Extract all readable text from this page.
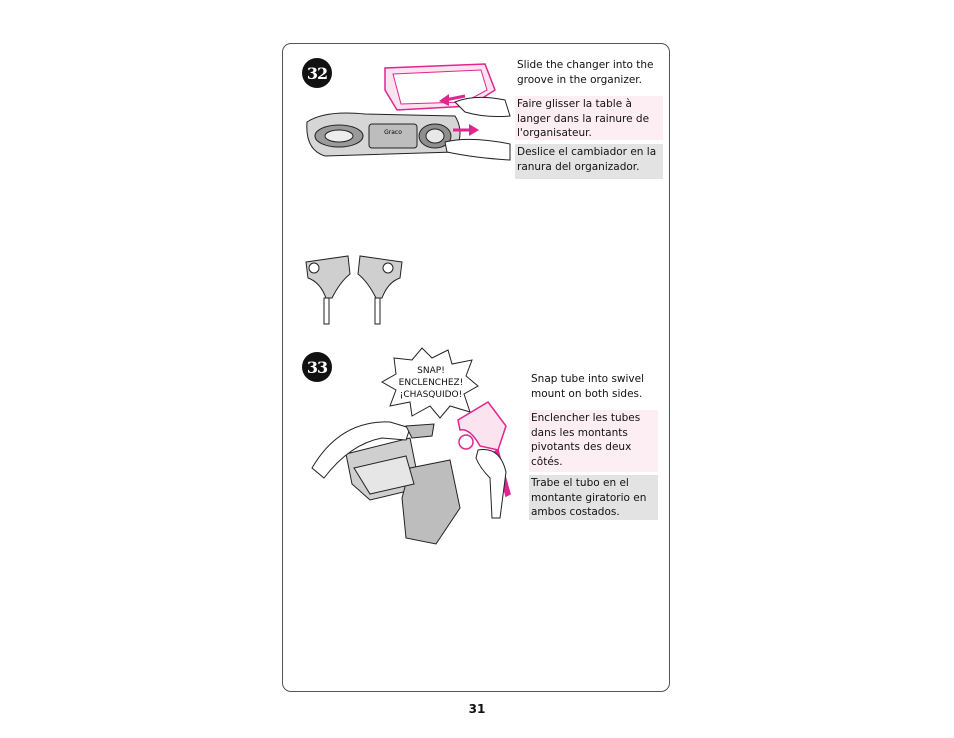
32
Graco
Slide the changer into the groove in the organizer.
Faire glisser la table à langer dans la rainure de l'organisateur.
Deslice el cambiador en la ranura del organizador.
33	SNAP!
ENCLENCHEZ!
¡CHASQUIDO!
Snap tube into swivel mount on both sides.
Enclencher les tubes dans les montants pivotants des deux côtés.
Trabe el tubo en el montante giratorio en ambos costados.
31
